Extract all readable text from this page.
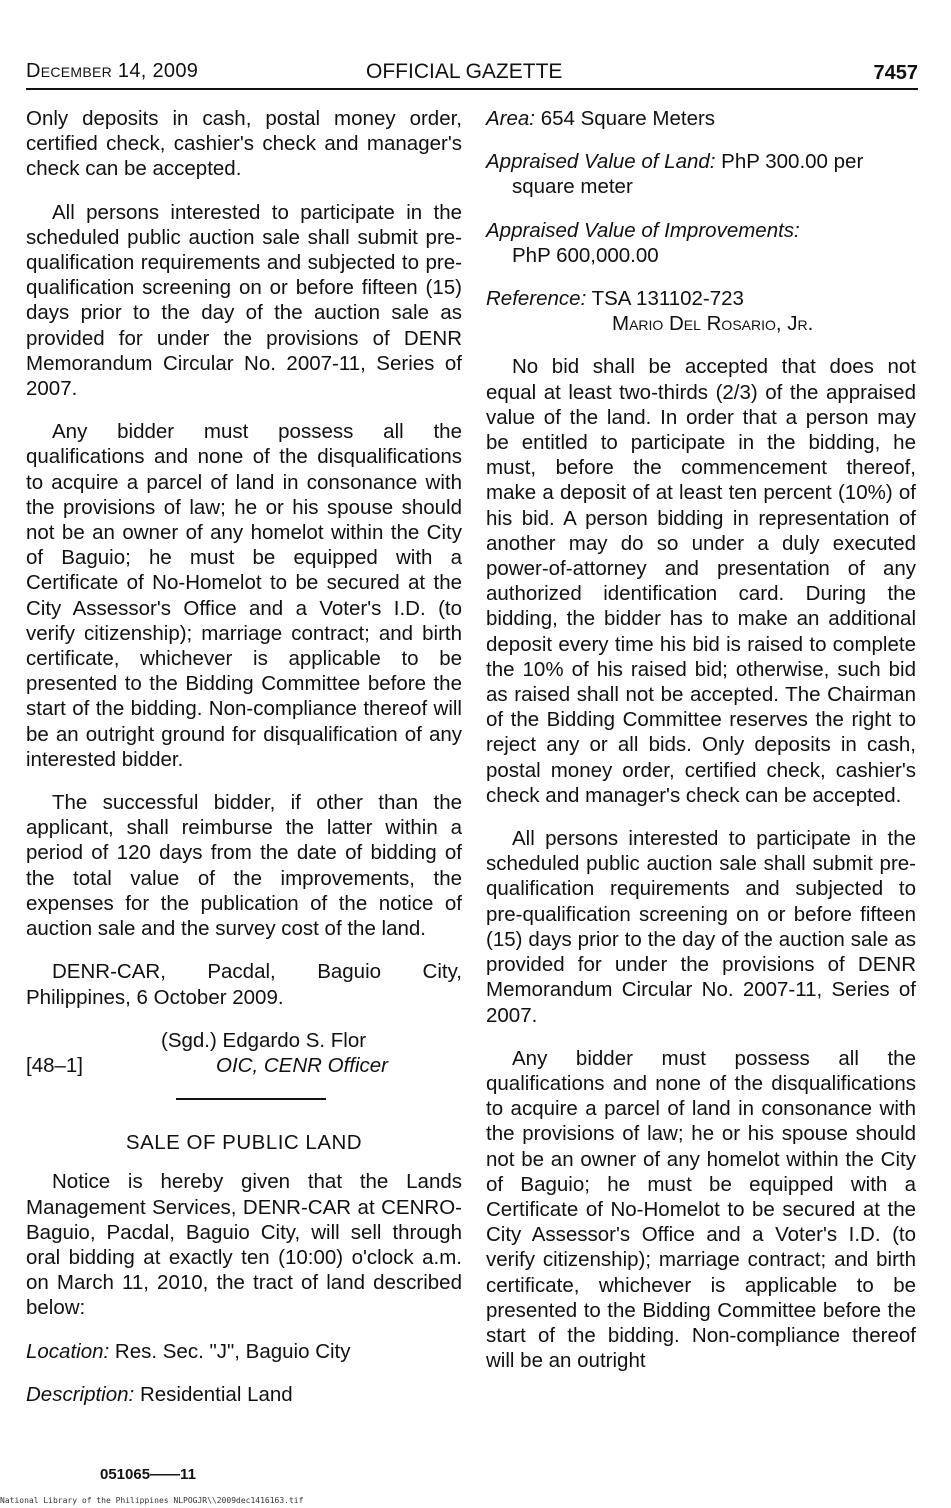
December 14, 2009	OFFICIAL GAZETTE	7457

Only deposits in cash, postal money order, certified check, cashier's check and manager's check can be accepted.

All persons interested to participate in the scheduled public auction sale shall submit pre-qualification requirements and subjected to pre-qualification screening on or before fifteen (15) days prior to the day of the auction sale as provided for under the provisions of DENR Memorandum Circular No. 2007-11, Series of 2007.

Any bidder must possess all the qualifications and none of the disqualifications to acquire a parcel of land in consonance with the provisions of law; he or his spouse should not be an owner of any homelot within the City of Baguio; he must be equipped with a Certificate of No-Homelot to be secured at the City Assessor's Office and a Voter's I.D. (to verify citizenship); marriage contract; and birth certificate, whichever is applicable to be presented to the Bidding Committee before the start of the bidding. Non-compliance thereof will be an outright ground for disqualification of any interested bidder.

The successful bidder, if other than the applicant, shall reimburse the latter within a period of 120 days from the date of bidding of the total value of the improvements, the expenses for the publication of the notice of auction sale and the survey cost of the land.

DENR-CAR, Pacdal, Baguio City, Philippines, 6 October 2009.

(Sgd.) Edgardo S. Flor
[48–1]	OIC, CENR Officer
SALE OF PUBLIC LAND

Notice is hereby given that the Lands Management Services, DENR-CAR at CENRO-Baguio, Pacdal, Baguio City, will sell through oral bidding at exactly ten (10:00) o'clock a.m. on March 11, 2010, the tract of land described below:

Location: Res. Sec. "J", Baguio City
Description: Residential Land
Area: 654 Square Meters
Appraised Value of Land: PhP 300.00 per square meter
Appraised Value of Improvements:
PhP 600,000.00
Reference: TSA 131102-723
Mario Del Rosario, Jr.

No bid shall be accepted that does not equal at least two-thirds (2/3) of the appraised value of the land. In order that a person may be entitled to participate in the bidding, he must, before the commencement thereof, make a deposit of at least ten percent (10%) of his bid. A person bidding in representation of another may do so under a duly executed power-of-attorney and presentation of any authorized identification card. During the bidding, the bidder has to make an additional deposit every time his bid is raised to complete the 10% of his raised bid; otherwise, such bid as raised shall not be accepted. The Chairman of the Bidding Committee reserves the right to reject any or all bids. Only deposits in cash, postal money order, certified check, cashier's check and manager's check can be accepted.

All persons interested to participate in the scheduled public auction sale shall submit pre-qualification requirements and subjected to pre-qualification screening on or before fifteen (15) days prior to the day of the auction sale as provided for under the provisions of DENR Memorandum Circular No. 2007-11, Series of 2007.

Any bidder must possess all the qualifications and none of the disqualifications to acquire a parcel of land in consonance with the provisions of law; he or his spouse should not be an owner of any homelot within the City of Baguio; he must be equipped with a Certificate of No-Homelot to be secured at the City Assessor's Office and a Voter's I.D. (to verify citizenship); marriage contract; and birth certificate, whichever is applicable to be presented to the Bidding Committee before the start of the bidding. Non-compliance thereof will be an outright

051065——11
National Library of the Philippines NLPOGJR\\2009dec1416163.tif
